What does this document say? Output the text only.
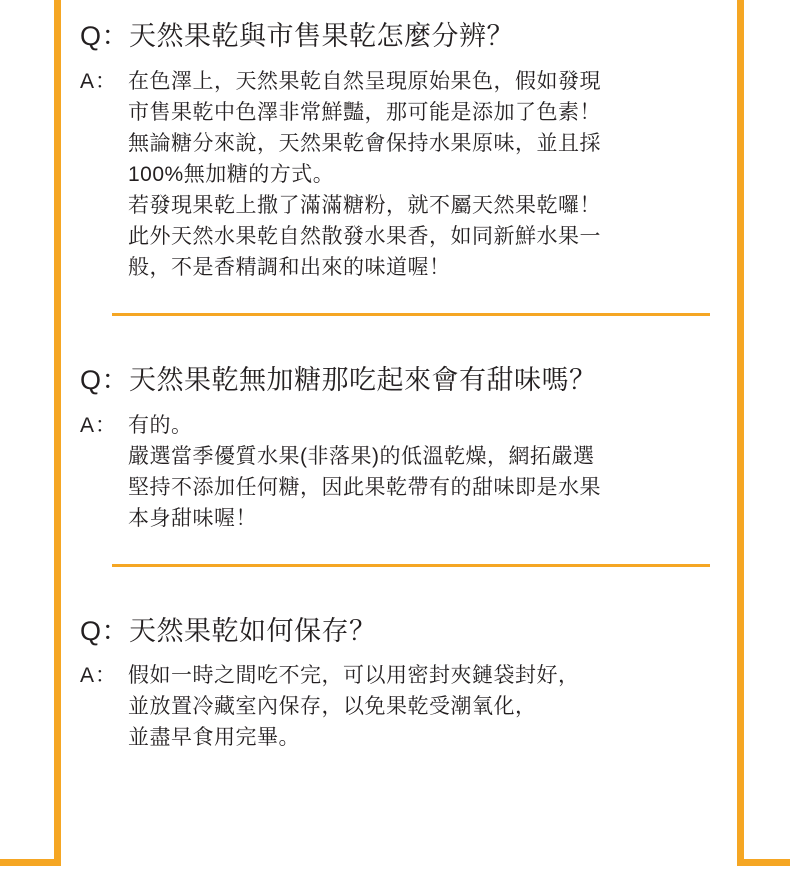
Q：天然果乾與市售果乾怎麼分辨？
A： 在色澤上，天然果乾自然呈現原始果色，假如發現

市售果乾中色澤非常鮮豔，那可能是添加了色素！

無論糖分來說，天然果乾會保持水果原味，並且採

100%無加糖的方式。

若發現果乾上撒了滿滿糖粉，就不屬天然果乾囉！

此外天然水果乾自然散發水果香，如同新鮮水果一

般，不是香精調和出來的味道喔！

Q：天然果乾無加糖那吃起來會有甜味嗎？
A： 有的。

嚴選當季優質水果(非落果)的低溫乾燥，網拓嚴選

堅持不添加任何糖，因此果乾帶有的甜味即是水果

本身甜味喔！

Q：天然果乾如何保存？
A： 假如一時之間吃不完，可以用密封夾鏈袋封好，

並放置冷藏室內保存，以免果乾受潮氧化，

並盡早食用完畢。
